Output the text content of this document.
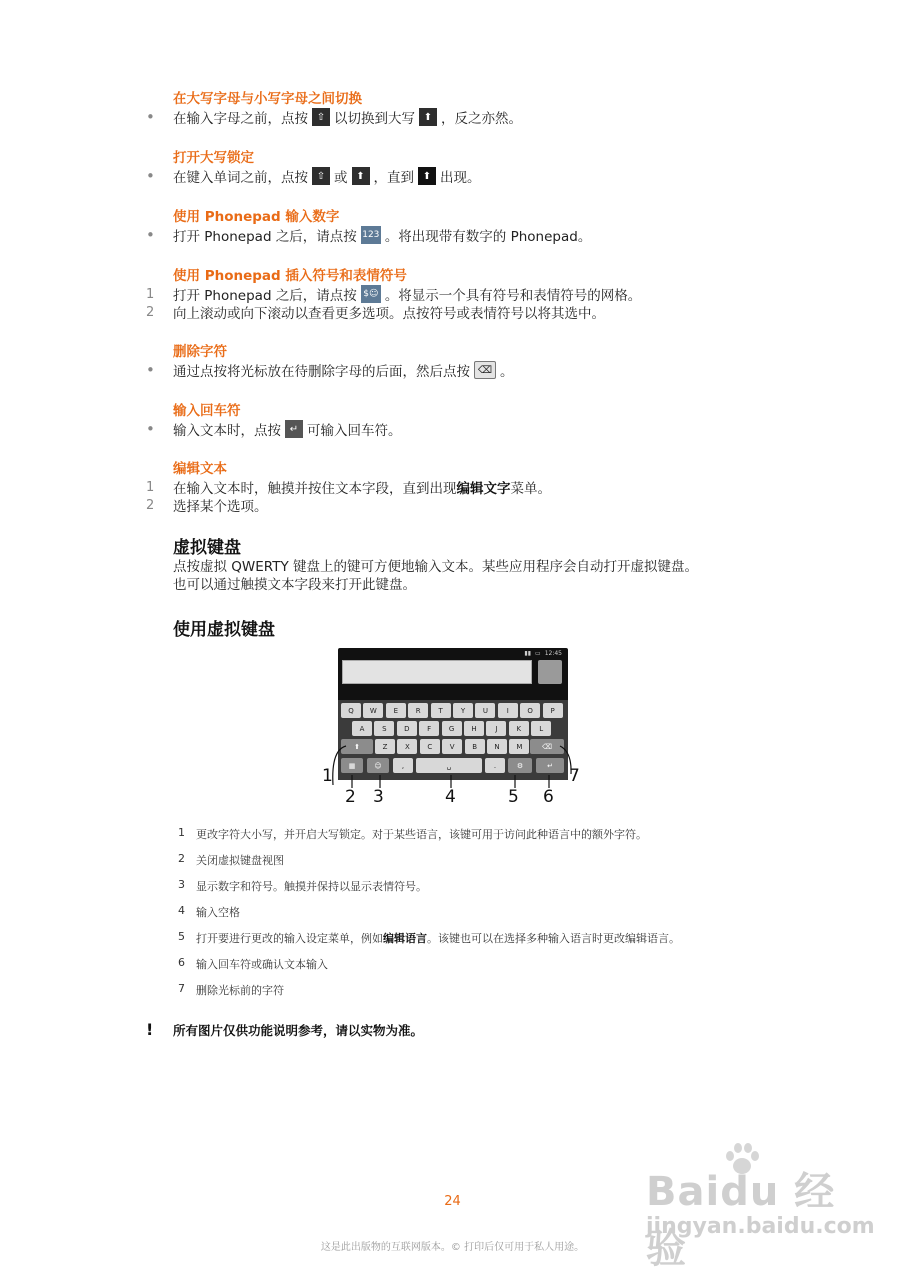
在大写字母与小写字母之间切换
•	在输入字母之前，点按 ⇧ 以切换到大写 ⬆ ，反之亦然。
打开大写锁定
•	在键入单词之前，点按 ⇧ 或 ⬆ ，直到 ⬆ 出现。
使用 Phonepad 输入数字
•	打开 Phonepad 之后，请点按 123 。将出现带有数字的 Phonepad。
使用 Phonepad 插入符号和表情符号
1	打开 Phonepad 之后，请点按 $☺ 。将显示一个具有符号和表情符号的网格。
2	向上滚动或向下滚动以查看更多选项。点按符号或表情符号以将其选中。
删除字符
•	通过点按将光标放在待删除字母的后面，然后点按 ⌫ 。
输入回车符
•	输入文本时，点按 ↵ 可输入回车符。
编辑文本
1	在输入文本时，触摸并按住文本字段，直到出现 编辑文字 菜单。
2	选择某个选项。
虚拟键盘
点按虚拟 QWERTY 键盘上的键可方便地输入文本。某些应用程序会自动打开虚拟键盘。
也可以通过触摸文本字段来打开此键盘。
使用虚拟键盘
▮▮ ▭ 12:45
Q	W	E	R	T	Y	U	I	O	P
A	S	D	F	G	H	J	K	L
⬆	Z	X	C	V	B	N	M	⌫
▦	☺	,	␣	.	⚙	↵
1
2 3	4	5 6
7
1	更改字符大小写，并开启大写锁定。对于某些语言，该键可用于访问此种语言中的额外字符。
2	关闭虚拟键盘视图
3	显示数字和符号。触摸并保持以显示表情符号。
4	输入空格
5	打开要进行更改的输入设定菜单，例如编辑语言。该键也可以在选择多种输入语言时更改编辑语言。
6	输入回车符或确认文本输入
7	删除光标前的字符
!	所有图片仅供功能说明参考，请以实物为准。
24
这是此出版物的互联网版本。© 打印后仅可用于私人用途。
Baidu 经验
jingyan.baidu.com
